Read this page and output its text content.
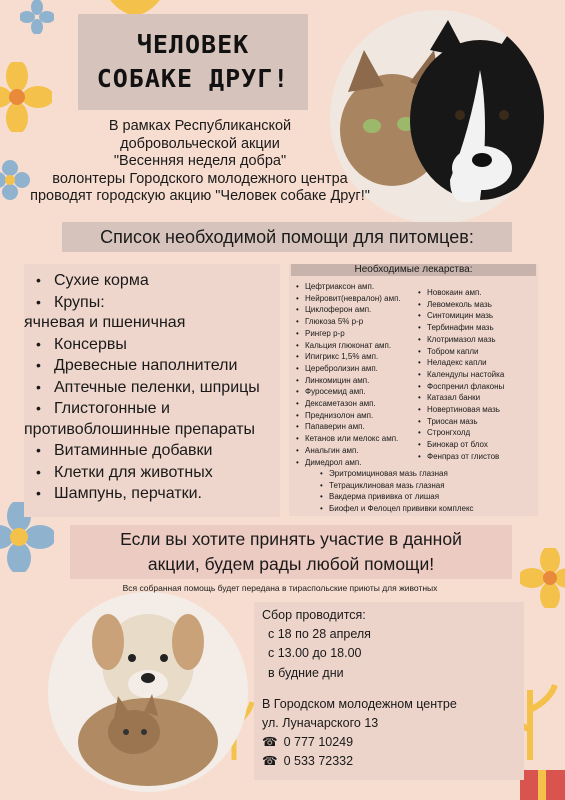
ЧЕЛОВЕК
СОБАКЕ ДРУГ!
В рамках Республиканской
добровольческой акции
"Весенняя неделя добра"
волонтеры Городского молодежного центра
проводят городскую акцию "Человек собаке Друг!"
Список необходимой помощи для питомцев:
• Сухие корма
• Крупы:
ячневая и пшеничная
• Консервы
• Древесные наполнители
• Аптечные пеленки, шприцы
• Глистогонные и
противоблошинные препараты
• Витаминные добавки
• Клетки для животных
• Шампунь, перчатки.
Необходимые лекарства:
• Цефтриаксон амп.
• Нейровит(невралон) амп.
• Циклоферон амп.
• Глюкоза 5% р-р
• Рингер р-р
• Кальция глюконат амп.
• Ипигрикс 1,5% амп.
• Церебролизин амп.
• Линкомицин амп.
• Фуросемид амп.
• Дексаметазон амп.
• Преднизолон амп.
• Папаверин амп.
• Кетанов или мелокс амп.
• Анальгин амп.
• Димедрол амп.
• Новокаин амп.
• Левомеколь мазь
• Синтомицин мазь
• Тербинафин мазь
• Клотримазол мазь
• Тобром капли
• Неладекс капли
• Календулы настойка
• Фоспренил флаконы
• Катазал банки
• Новертиновая мазь
• Триосан мазь
• Стронгхолд
• Бинокар от блох
• Фенпраз от глистов
• Эритромициновая мазь глазная
• Тетрациклиновая мазь глазная
• Вакдерма прививка от лишая
• Биофел и Фелоцел прививки комплекс
Если вы хотите принять участие в данной
акции, будем рады любой помощи!
Вся собранная помощь будет передана в тираспольские приюты для животных
Сбор проводится:
с 18 по 28 апреля
с 13.00 до 18.00
в будние дни
В Городском молодежном центре
ул. Луначарского 13
☎ 0 777 10249
☎ 0 533 72332
